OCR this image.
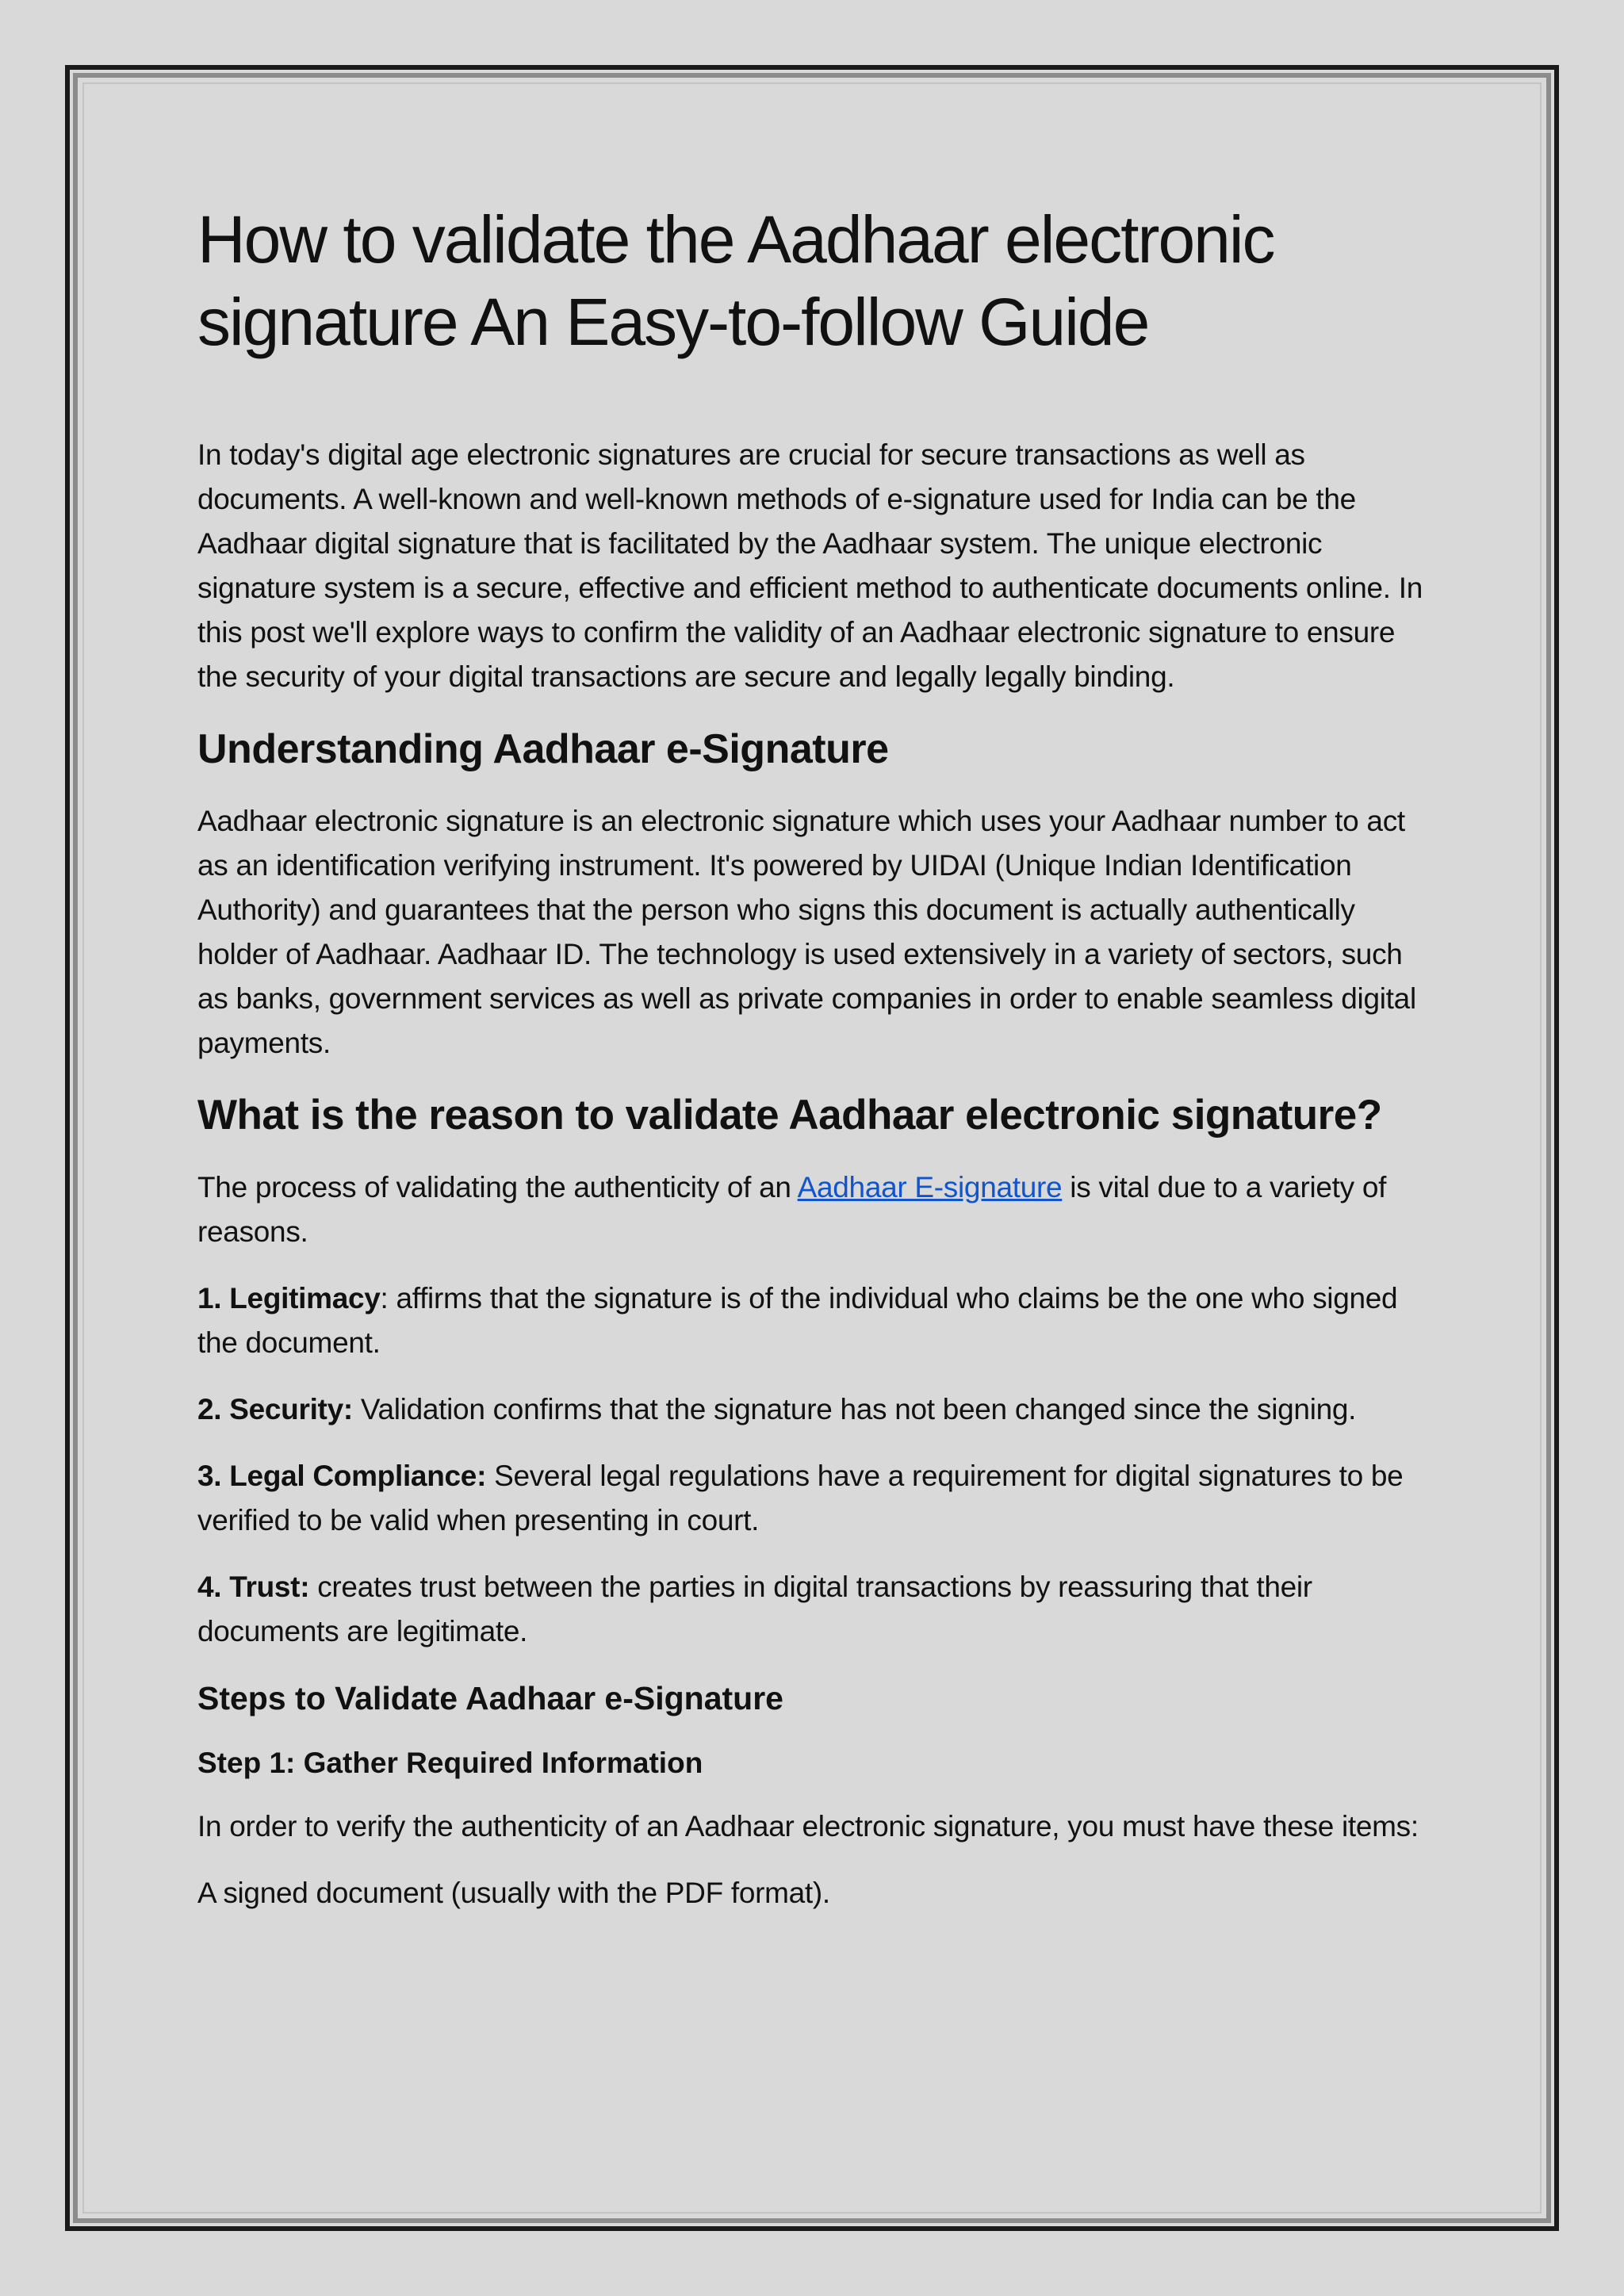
How to validate the Aadhaar electronic signature An Easy-to-follow Guide

In today's digital age electronic signatures are crucial for secure transactions as well as documents. A well-known and well-known methods of e-signature used for India can be the Aadhaar digital signature that is facilitated by the Aadhaar system. The unique electronic signature system is a secure, effective and efficient method to authenticate documents online. In this post we'll explore ways to confirm the validity of an Aadhaar electronic signature to ensure the security of your digital transactions are secure and legally legally binding.

Understanding Aadhaar e-Signature

Aadhaar electronic signature is an electronic signature which uses your Aadhaar number to act as an identification verifying instrument. It's powered by UIDAI (Unique Indian Identification Authority) and guarantees that the person who signs this document is actually authentically holder of Aadhaar. Aadhaar ID. The technology is used extensively in a variety of sectors, such as banks, government services as well as private companies in order to enable seamless digital payments.

What is the reason to validate Aadhaar electronic signature?

The process of validating the authenticity of an Aadhaar E-signature is vital due to a variety of reasons.

1. Legitimacy: affirms that the signature is of the individual who claims be the one who signed the document.

2. Security: Validation confirms that the signature has not been changed since the signing.

3. Legal Compliance: Several legal regulations have a requirement for digital signatures to be verified to be valid when presenting in court.

4. Trust: creates trust between the parties in digital transactions by reassuring that their documents are legitimate.

Steps to Validate Aadhaar e-Signature
Step 1: Gather Required Information

In order to verify the authenticity of an Aadhaar electronic signature, you must have these items:

A signed document (usually with the PDF format).
